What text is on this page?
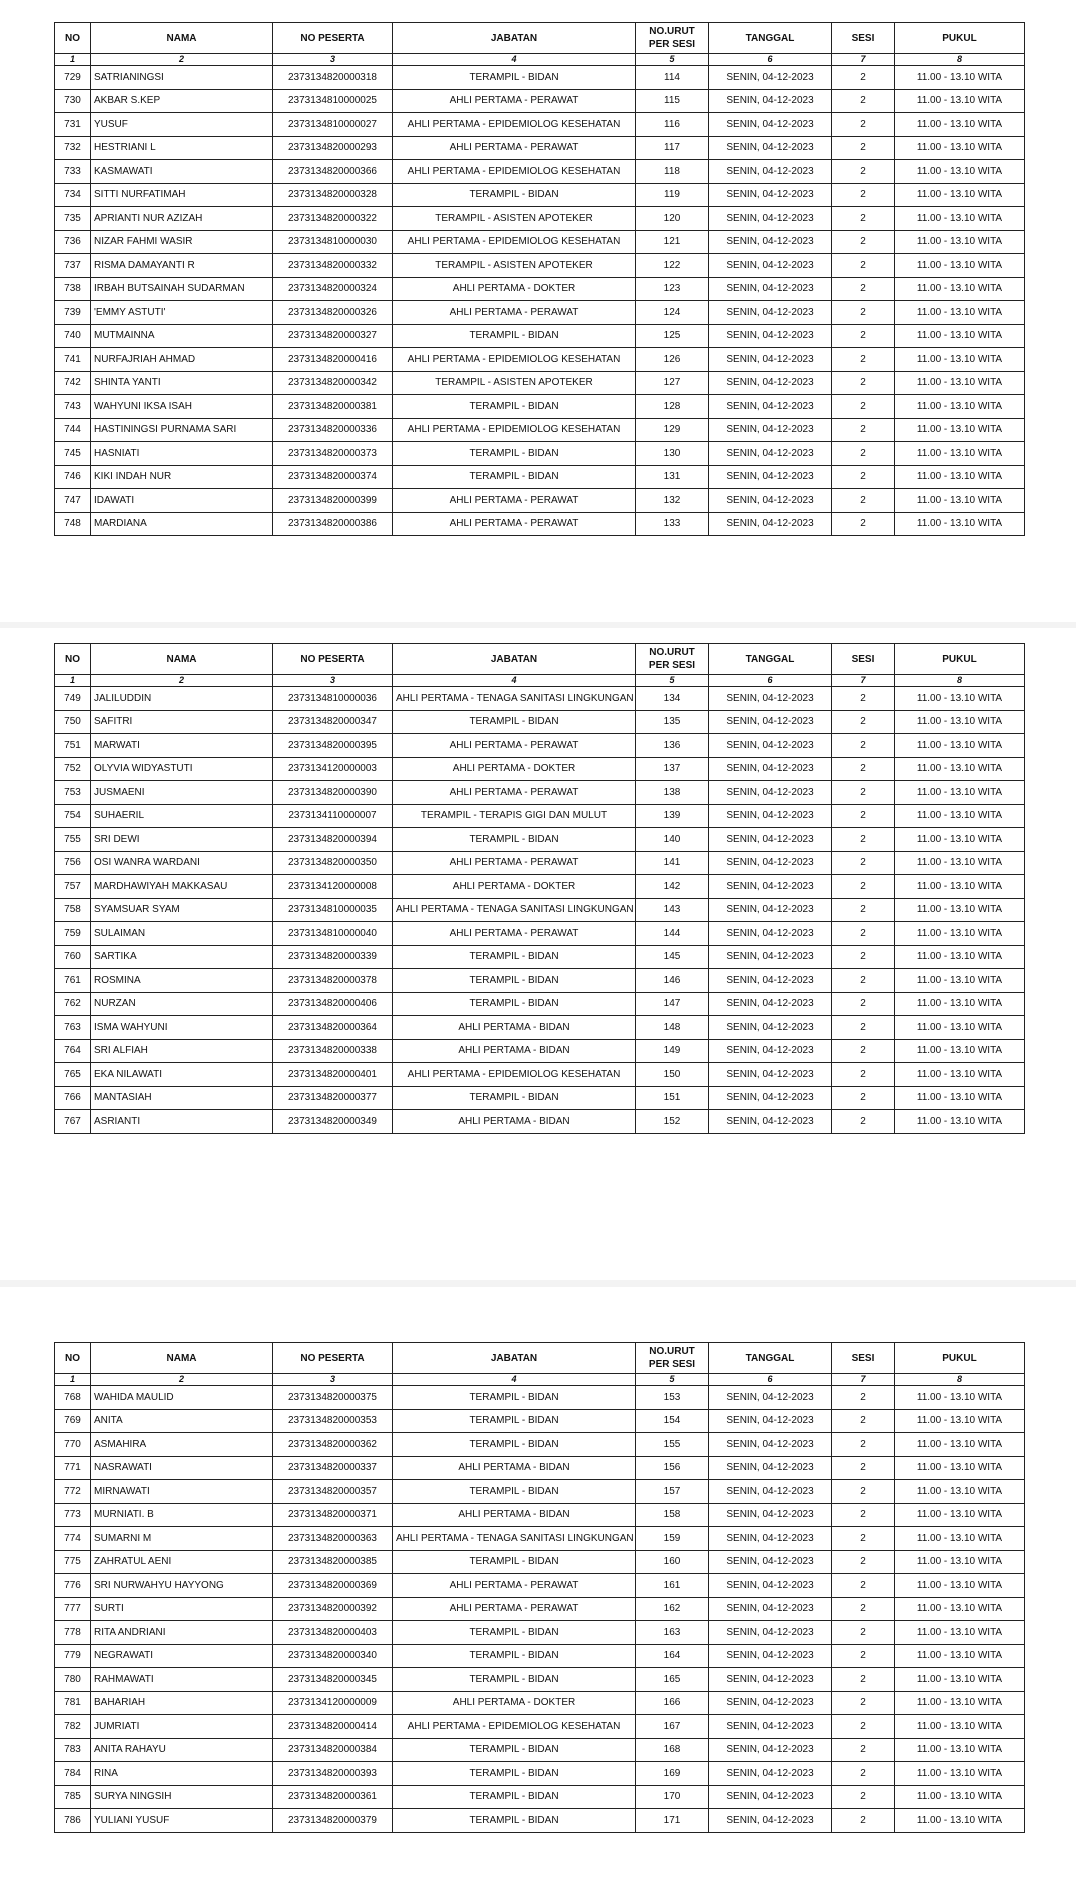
NO	NAMA	NO PESERTA	JABATAN	NO.URUT PER SESI	TANGGAL	SESI	PUKUL
1	2	3	4	5	6	7	8
729	SATRIANINGSI	2373134820000318	TERAMPIL - BIDAN	114	SENIN, 04-12-2023	2	11.00 - 13.10 WITA
730	AKBAR S.KEP	2373134810000025	AHLI PERTAMA - PERAWAT	115	SENIN, 04-12-2023	2	11.00 - 13.10 WITA
731	YUSUF	2373134810000027	AHLI PERTAMA - EPIDEMIOLOG KESEHATAN	116	SENIN, 04-12-2023	2	11.00 - 13.10 WITA
732	HESTRIANI L	2373134820000293	AHLI PERTAMA - PERAWAT	117	SENIN, 04-12-2023	2	11.00 - 13.10 WITA
733	KASMAWATI	2373134820000366	AHLI PERTAMA - EPIDEMIOLOG KESEHATAN	118	SENIN, 04-12-2023	2	11.00 - 13.10 WITA
734	SITTI NURFATIMAH	2373134820000328	TERAMPIL - BIDAN	119	SENIN, 04-12-2023	2	11.00 - 13.10 WITA
735	APRIANTI NUR AZIZAH	2373134820000322	TERAMPIL - ASISTEN APOTEKER	120	SENIN, 04-12-2023	2	11.00 - 13.10 WITA
736	NIZAR FAHMI WASIR	2373134810000030	AHLI PERTAMA - EPIDEMIOLOG KESEHATAN	121	SENIN, 04-12-2023	2	11.00 - 13.10 WITA
737	RISMA DAMAYANTI R	2373134820000332	TERAMPIL - ASISTEN APOTEKER	122	SENIN, 04-12-2023	2	11.00 - 13.10 WITA
738	IRBAH BUTSAINAH SUDARMAN	2373134820000324	AHLI PERTAMA - DOKTER	123	SENIN, 04-12-2023	2	11.00 - 13.10 WITA
739	'EMMY ASTUTI'	2373134820000326	AHLI PERTAMA - PERAWAT	124	SENIN, 04-12-2023	2	11.00 - 13.10 WITA
740	MUTMAINNA	2373134820000327	TERAMPIL - BIDAN	125	SENIN, 04-12-2023	2	11.00 - 13.10 WITA
741	NURFAJRIAH AHMAD	2373134820000416	AHLI PERTAMA - EPIDEMIOLOG KESEHATAN	126	SENIN, 04-12-2023	2	11.00 - 13.10 WITA
742	SHINTA YANTI	2373134820000342	TERAMPIL - ASISTEN APOTEKER	127	SENIN, 04-12-2023	2	11.00 - 13.10 WITA
743	WAHYUNI IKSA ISAH	2373134820000381	TERAMPIL - BIDAN	128	SENIN, 04-12-2023	2	11.00 - 13.10 WITA
744	HASTININGSI PURNAMA SARI	2373134820000336	AHLI PERTAMA - EPIDEMIOLOG KESEHATAN	129	SENIN, 04-12-2023	2	11.00 - 13.10 WITA
745	HASNIATI	2373134820000373	TERAMPIL - BIDAN	130	SENIN, 04-12-2023	2	11.00 - 13.10 WITA
746	KIKI INDAH NUR	2373134820000374	TERAMPIL - BIDAN	131	SENIN, 04-12-2023	2	11.00 - 13.10 WITA
747	IDAWATI	2373134820000399	AHLI PERTAMA - PERAWAT	132	SENIN, 04-12-2023	2	11.00 - 13.10 WITA
748	MARDIANA	2373134820000386	AHLI PERTAMA - PERAWAT	133	SENIN, 04-12-2023	2	11.00 - 13.10 WITA
NO	NAMA	NO PESERTA	JABATAN	NO.URUT PER SESI	TANGGAL	SESI	PUKUL
1	2	3	4	5	6	7	8
749	JALILUDDIN	2373134810000036	AHLI PERTAMA - TENAGA SANITASI LINGKUNGAN	134	SENIN, 04-12-2023	2	11.00 - 13.10 WITA
750	SAFITRI	2373134820000347	TERAMPIL - BIDAN	135	SENIN, 04-12-2023	2	11.00 - 13.10 WITA
751	MARWATI	2373134820000395	AHLI PERTAMA - PERAWAT	136	SENIN, 04-12-2023	2	11.00 - 13.10 WITA
752	OLYVIA WIDYASTUTI	2373134120000003	AHLI PERTAMA - DOKTER	137	SENIN, 04-12-2023	2	11.00 - 13.10 WITA
753	JUSMAENI	2373134820000390	AHLI PERTAMA - PERAWAT	138	SENIN, 04-12-2023	2	11.00 - 13.10 WITA
754	SUHAERIL	2373134110000007	TERAMPIL - TERAPIS GIGI DAN MULUT	139	SENIN, 04-12-2023	2	11.00 - 13.10 WITA
755	SRI DEWI	2373134820000394	TERAMPIL - BIDAN	140	SENIN, 04-12-2023	2	11.00 - 13.10 WITA
756	OSI WANRA WARDANI	2373134820000350	AHLI PERTAMA - PERAWAT	141	SENIN, 04-12-2023	2	11.00 - 13.10 WITA
757	MARDHAWIYAH MAKKASAU	2373134120000008	AHLI PERTAMA - DOKTER	142	SENIN, 04-12-2023	2	11.00 - 13.10 WITA
758	SYAMSUAR SYAM	2373134810000035	AHLI PERTAMA - TENAGA SANITASI LINGKUNGAN	143	SENIN, 04-12-2023	2	11.00 - 13.10 WITA
759	SULAIMAN	2373134810000040	AHLI PERTAMA - PERAWAT	144	SENIN, 04-12-2023	2	11.00 - 13.10 WITA
760	SARTIKA	2373134820000339	TERAMPIL - BIDAN	145	SENIN, 04-12-2023	2	11.00 - 13.10 WITA
761	ROSMINA	2373134820000378	TERAMPIL - BIDAN	146	SENIN, 04-12-2023	2	11.00 - 13.10 WITA
762	NURZAN	2373134820000406	TERAMPIL - BIDAN	147	SENIN, 04-12-2023	2	11.00 - 13.10 WITA
763	ISMA WAHYUNI	2373134820000364	AHLI PERTAMA - BIDAN	148	SENIN, 04-12-2023	2	11.00 - 13.10 WITA
764	SRI ALFIAH	2373134820000338	AHLI PERTAMA - BIDAN	149	SENIN, 04-12-2023	2	11.00 - 13.10 WITA
765	EKA NILAWATI	2373134820000401	AHLI PERTAMA - EPIDEMIOLOG KESEHATAN	150	SENIN, 04-12-2023	2	11.00 - 13.10 WITA
766	MANTASIAH	2373134820000377	TERAMPIL - BIDAN	151	SENIN, 04-12-2023	2	11.00 - 13.10 WITA
767	ASRIANTI	2373134820000349	AHLI PERTAMA - BIDAN	152	SENIN, 04-12-2023	2	11.00 - 13.10 WITA
NO	NAMA	NO PESERTA	JABATAN	NO.URUT PER SESI	TANGGAL	SESI	PUKUL
1	2	3	4	5	6	7	8
768	WAHIDA MAULID	2373134820000375	TERAMPIL - BIDAN	153	SENIN, 04-12-2023	2	11.00 - 13.10 WITA
769	ANITA	2373134820000353	TERAMPIL - BIDAN	154	SENIN, 04-12-2023	2	11.00 - 13.10 WITA
770	ASMAHIRA	2373134820000362	TERAMPIL - BIDAN	155	SENIN, 04-12-2023	2	11.00 - 13.10 WITA
771	NASRAWATI	2373134820000337	AHLI PERTAMA - BIDAN	156	SENIN, 04-12-2023	2	11.00 - 13.10 WITA
772	MIRNAWATI	2373134820000357	TERAMPIL - BIDAN	157	SENIN, 04-12-2023	2	11.00 - 13.10 WITA
773	MURNIATI. B	2373134820000371	AHLI PERTAMA - BIDAN	158	SENIN, 04-12-2023	2	11.00 - 13.10 WITA
774	SUMARNI M	2373134820000363	AHLI PERTAMA - TENAGA SANITASI LINGKUNGAN	159	SENIN, 04-12-2023	2	11.00 - 13.10 WITA
775	ZAHRATUL AENI	2373134820000385	TERAMPIL - BIDAN	160	SENIN, 04-12-2023	2	11.00 - 13.10 WITA
776	SRI NURWAHYU HAYYONG	2373134820000369	AHLI PERTAMA - PERAWAT	161	SENIN, 04-12-2023	2	11.00 - 13.10 WITA
777	SURTI	2373134820000392	AHLI PERTAMA - PERAWAT	162	SENIN, 04-12-2023	2	11.00 - 13.10 WITA
778	RITA ANDRIANI	2373134820000403	TERAMPIL - BIDAN	163	SENIN, 04-12-2023	2	11.00 - 13.10 WITA
779	NEGRAWATI	2373134820000340	TERAMPIL - BIDAN	164	SENIN, 04-12-2023	2	11.00 - 13.10 WITA
780	RAHMAWATI	2373134820000345	TERAMPIL - BIDAN	165	SENIN, 04-12-2023	2	11.00 - 13.10 WITA
781	BAHARIAH	2373134120000009	AHLI PERTAMA - DOKTER	166	SENIN, 04-12-2023	2	11.00 - 13.10 WITA
782	JUMRIATI	2373134820000414	AHLI PERTAMA - EPIDEMIOLOG KESEHATAN	167	SENIN, 04-12-2023	2	11.00 - 13.10 WITA
783	ANITA RAHAYU	2373134820000384	TERAMPIL - BIDAN	168	SENIN, 04-12-2023	2	11.00 - 13.10 WITA
784	RINA	2373134820000393	TERAMPIL - BIDAN	169	SENIN, 04-12-2023	2	11.00 - 13.10 WITA
785	SURYA NINGSIH	2373134820000361	TERAMPIL - BIDAN	170	SENIN, 04-12-2023	2	11.00 - 13.10 WITA
786	YULIANI YUSUF	2373134820000379	TERAMPIL - BIDAN	171	SENIN, 04-12-2023	2	11.00 - 13.10 WITA
